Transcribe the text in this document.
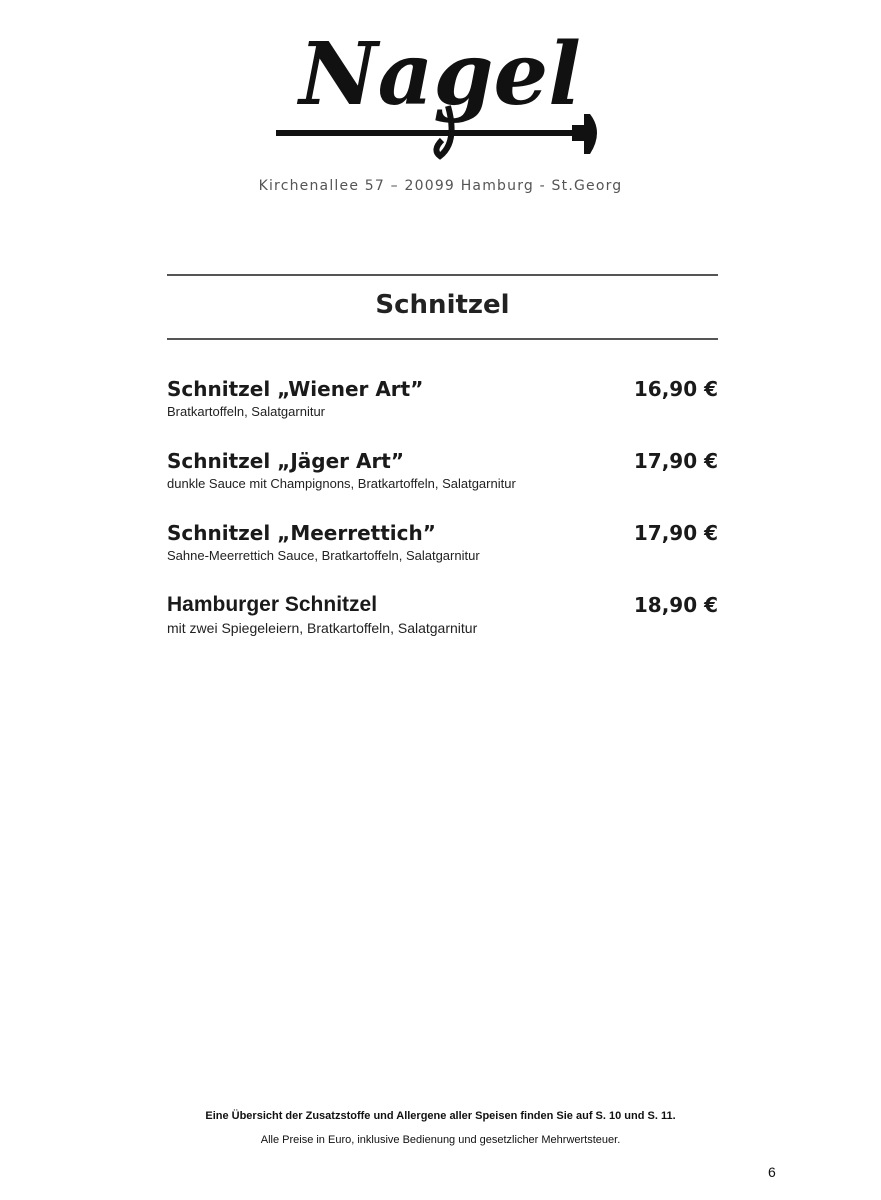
Nagel
Kirchenallee 57 – 20099 Hamburg - St.Georg
Schnitzel
Schnitzel „Wiener Art”
Bratkartoffeln, Salatgarnitur
16,90 €
Schnitzel „Jäger Art”
dunkle Sauce mit Champignons, Bratkartoffeln, Salatgarnitur
17,90 €
Schnitzel „Meerrettich”
Sahne-Meerrettich Sauce, Bratkartoffeln, Salatgarnitur
17,90 €
Hamburger Schnitzel
mit zwei Spiegeleiern, Bratkartoffeln, Salatgarnitur
18,90 €
Eine Übersicht der Zusatzstoffe und Allergene aller Speisen finden Sie auf S. 10 und S. 11.
Alle Preise in Euro, inklusive Bedienung und gesetzlicher Mehrwertsteuer.
6
